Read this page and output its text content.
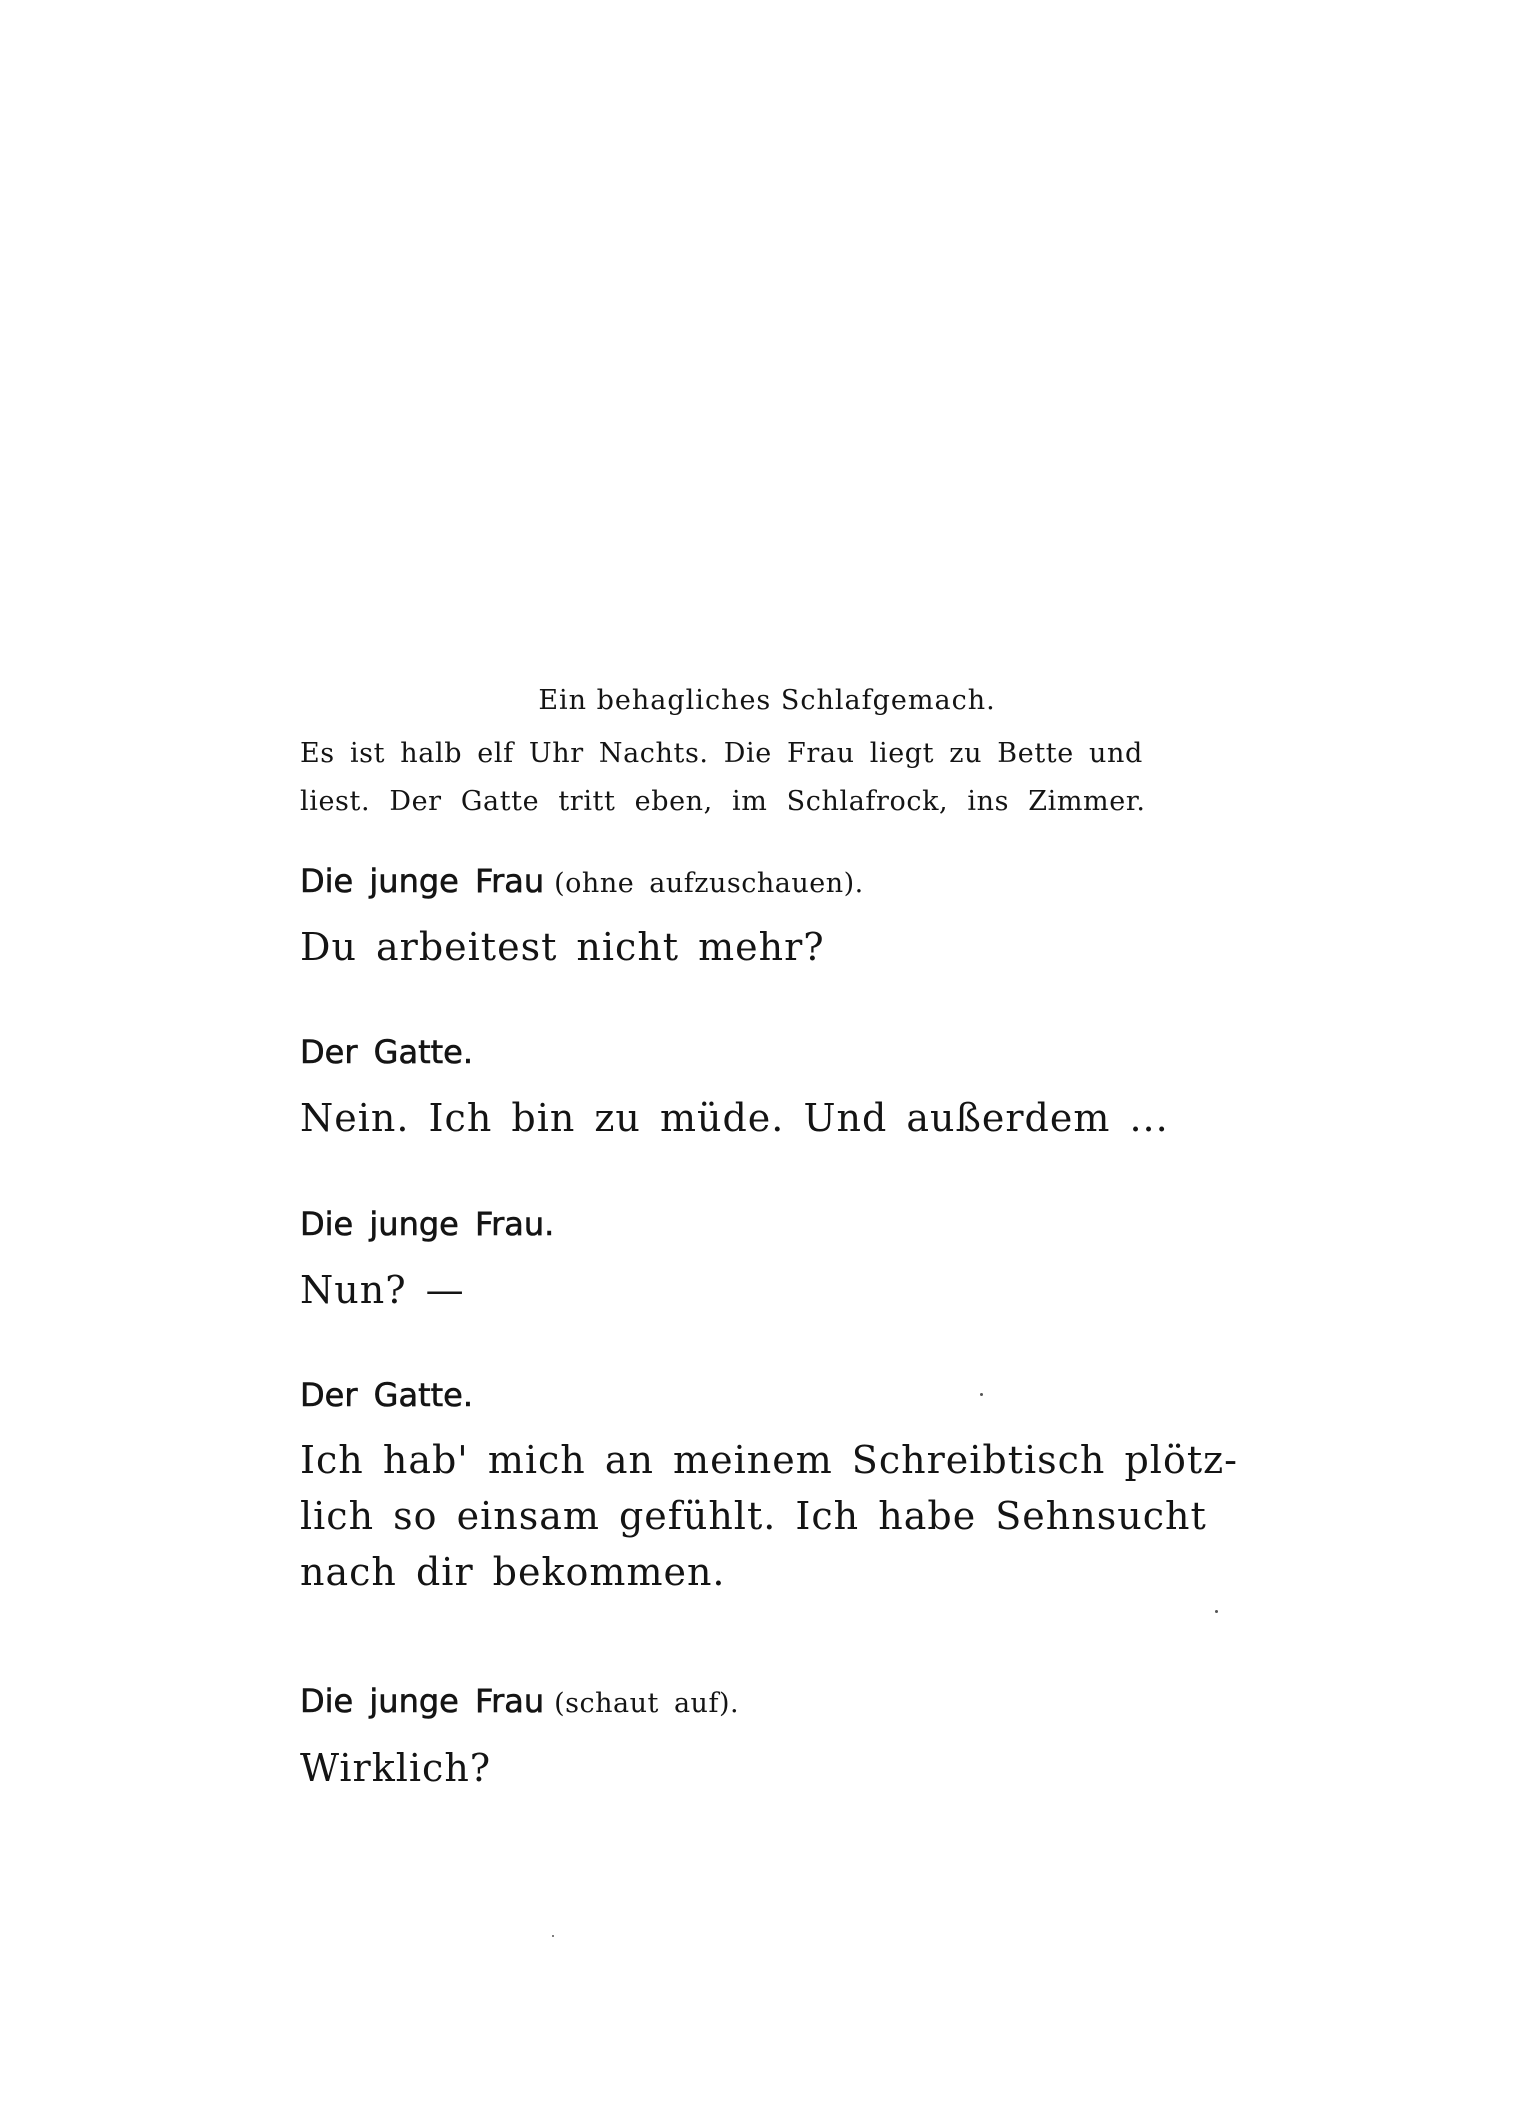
Ein behagliches Schlafgemach.

Es ist halb elf Uhr Nachts. Die Frau liegt zu Bette und

liest. Der Gatte tritt eben, im Schlafrock, ins Zimmer.

Die junge Frau (ohne aufzuschauen).

Du arbeitest nicht mehr?

Der Gatte.

Nein. Ich bin zu müde. Und außerdem ...

Die junge Frau.

Nun? —

Der Gatte.

Ich hab' mich an meinem Schreibtisch plötz-
lich so einsam gefühlt. Ich habe Sehnsucht
nach dir bekommen.

Die junge Frau (schaut auf).

Wirklich?
